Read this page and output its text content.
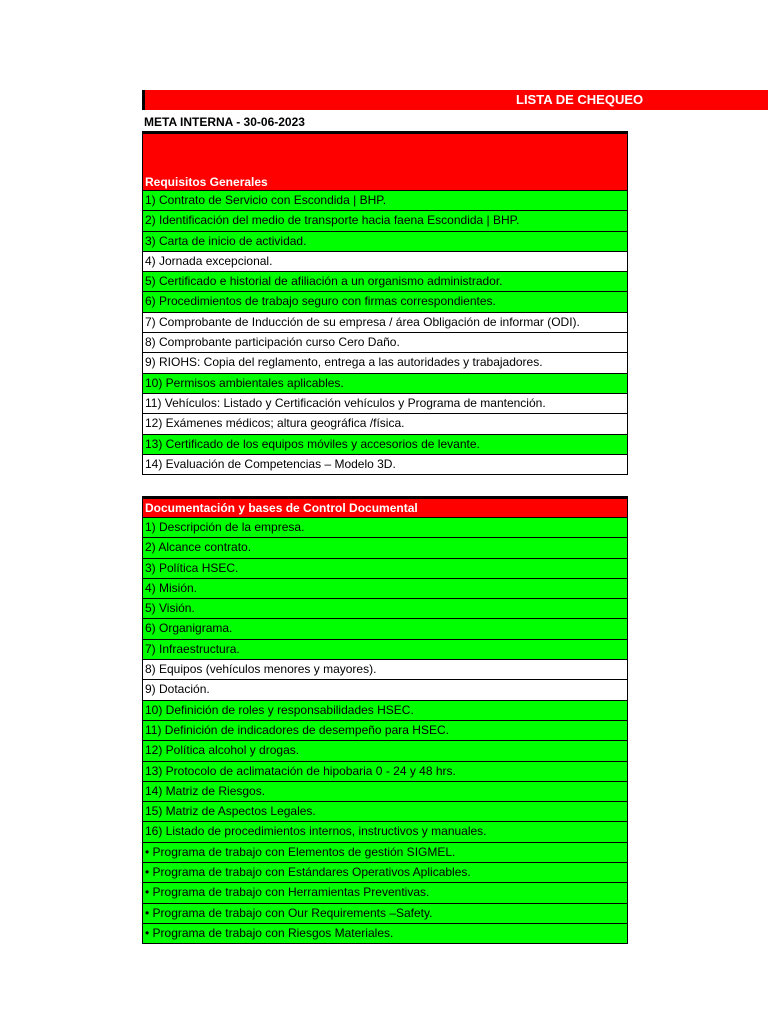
LISTA DE CHEQUEO
META INTERNA - 30-06-2023
Requisitos Generales
1) Contrato de Servicio con Escondida | BHP.
2) Identificación del medio de transporte hacia faena Escondida | BHP.
3) Carta de inicio de actividad.
4) Jornada excepcional.
5) Certificado e historial de afiliación a un organismo administrador.
6) Procedimientos de trabajo seguro con firmas correspondientes.
7) Comprobante de Inducción de su empresa / área Obligación de informar (ODI).
8) Comprobante participación curso Cero Daño.
9) RIOHS: Copia del reglamento, entrega a las autoridades y trabajadores.
10) Permisos ambientales aplicables.
11) Vehículos: Listado y Certificación vehículos y Programa de mantención.
12) Exámenes médicos; altura geográfica /física.
13) Certificado de los equipos móviles y accesorios de levante.
14) Evaluación de Competencias – Modelo 3D.
Documentación y bases de Control Documental
1) Descripción de la empresa.
2) Alcance contrato.
3) Política HSEC.
4) Misión.
5) Visión.
6) Organigrama.
7) Infraestructura.
8) Equipos (vehículos menores y mayores).
9) Dotación.
10) Definición de roles y responsabilidades HSEC.
11) Definición de indicadores de desempeño para HSEC.
12) Política alcohol y drogas.
13) Protocolo de aclimatación de hipobaria 0 - 24 y 48 hrs.
14) Matriz de Riesgos.
15) Matriz de Aspectos Legales.
16) Listado de procedimientos internos, instructivos y manuales.
• Programa de trabajo con Elementos de gestión SIGMEL.
• Programa de trabajo con Estándares Operativos Aplicables.
• Programa de trabajo con Herramientas Preventivas.
• Programa de trabajo con Our Requirements –Safety.
• Programa de trabajo con Riesgos Materiales.
